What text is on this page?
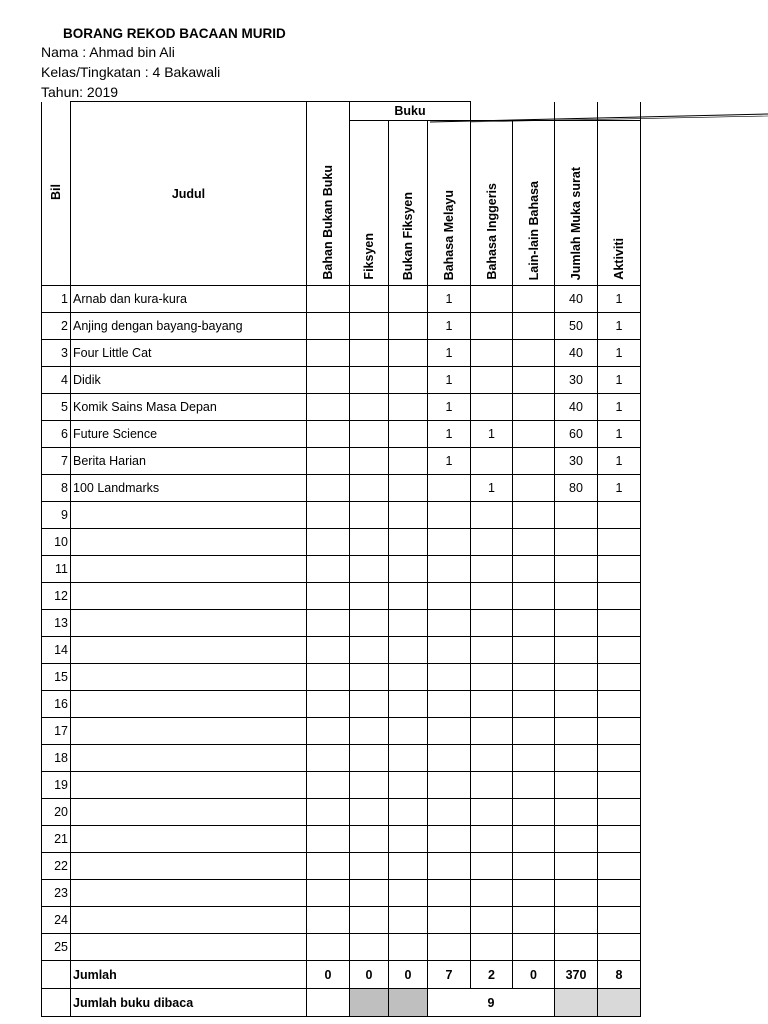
BORANG REKOD BACAAN MURID
Nama : Ahmad bin Ali
Kelas/Tingkatan : 4 Bakawali
Tahun: 2019
Bil	Judul	Bahan Bukan Buku	Buku						
			Fiksyen	Bukan Fiksyen	Bahasa Melayu	Bahasa Inggeris	Lain-lain Bahasa	Jumlah Muka surat	Aktiviti
1	Arnab dan kura-kura				1			40	1
2	Anjing dengan bayang-bayang				1			50	1
3	Four Little Cat				1			40	1
4	Didik				1			30	1
5	Komik Sains Masa Depan				1			40	1
6	Future Science				1	1		60	1
7	Berita Harian				1			30	1
8	100 Landmarks					1		80	1
9									
10									
11									
12									
13									
14									
15									
16									
17									
18									
19									
20									
21									
22									
23									
24									
25									
	Jumlah	0	0	0	7	2	0	370	8
	Jumlah buku dibaca				9				
